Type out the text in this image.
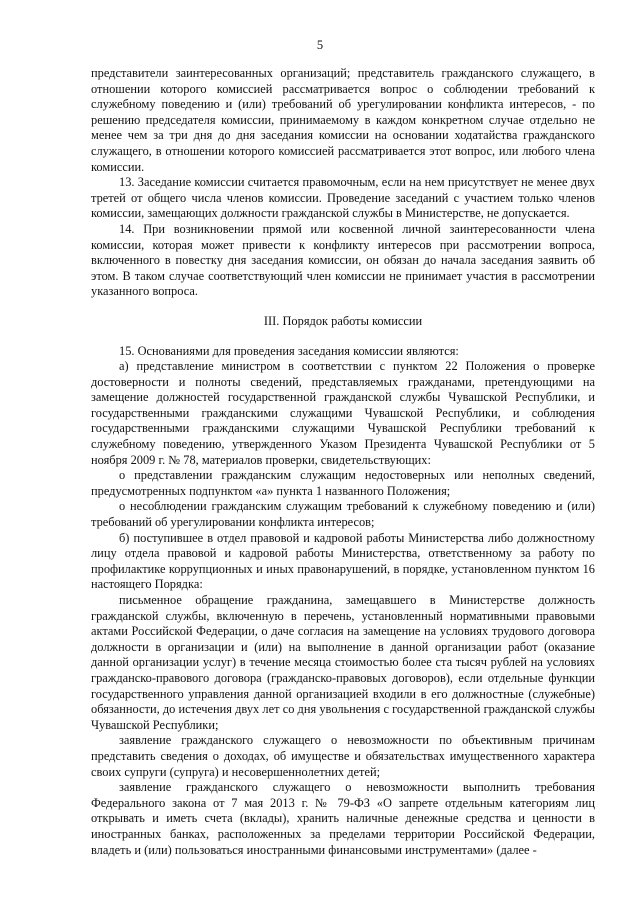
5

представители заинтересованных организаций; представитель гражданского служащего, в отношении которого комиссией рассматривается вопрос о соблюдении требований к служебному поведению и (или) требований об урегулировании конфликта интересов, - по решению председателя комиссии, принимаемому в каждом конкретном случае отдельно не менее чем за три дня до дня заседания комиссии на основании ходатайства гражданского служащего, в отношении которого комиссией рассматривается этот вопрос, или любого члена комиссии.

13. Заседание комиссии считается правомочным, если на нем присутствует не менее двух третей от общего числа членов комиссии. Проведение заседаний с участием только членов комиссии, замещающих должности гражданской службы в Министерстве, не допускается.

14. При возникновении прямой или косвенной личной заинтересованности члена комиссии, которая может привести к конфликту интересов при рассмотрении вопроса, включенного в повестку дня заседания комиссии, он обязан до начала заседания заявить об этом. В таком случае соответствующий член комиссии не принимает участия в рассмотрении указанного вопроса.

III. Порядок работы комиссии

15. Основаниями для проведения заседания комиссии являются:

а) представление министром в соответствии с пунктом 22 Положения о проверке достоверности и полноты сведений, представляемых гражданами, претендующими на замещение должностей государственной гражданской службы Чувашской Республики, и государственными гражданскими служащими Чувашской Республики, и соблюдения государственными гражданскими служащими Чувашской Республики требований к служебному поведению, утвержденного Указом Президента Чувашской Республики от 5 ноября 2009 г. № 78, материалов проверки, свидетельствующих:

о представлении гражданским служащим недостоверных или неполных сведений, предусмотренных подпунктом «а» пункта 1 названного Положения;

о несоблюдении гражданским служащим требований к служебному поведению и (или) требований об урегулировании конфликта интересов;

б) поступившее в отдел правовой и кадровой работы Министерства либо должностному лицу отдела правовой и кадровой работы Министерства, ответственному за работу по профилактике коррупционных и иных правонарушений, в порядке, установленном пунктом 16 настоящего Порядка:

письменное обращение гражданина, замещавшего в Министерстве должность гражданской службы, включенную в перечень, установленный нормативными правовыми актами Российской Федерации, о даче согласия на замещение на условиях трудового договора должности в организации и (или) на выполнение в данной организации работ (оказание данной организации услуг) в течение месяца стоимостью более ста тысяч рублей на условиях гражданско-правового договора (гражданско-правовых договоров), если отдельные функции государственного управления данной организацией входили в его должностные (служебные) обязанности, до истечения двух лет со дня увольнения с государственной гражданской службы Чувашской Республики;

заявление гражданского служащего о невозможности по объективным причинам представить сведения о доходах, об имуществе и обязательствах имущественного характера своих супруги (супруга) и несовершеннолетних детей;

заявление гражданского служащего о невозможности выполнить требования Федерального закона от 7 мая 2013 г. № 79-ФЗ «О запрете отдельным категориям лиц открывать и иметь счета (вклады), хранить наличные денежные средства и ценности в иностранных банках, расположенных за пределами территории Российской Федерации, владеть и (или) пользоваться иностранными финансовыми инструментами» (далее -
